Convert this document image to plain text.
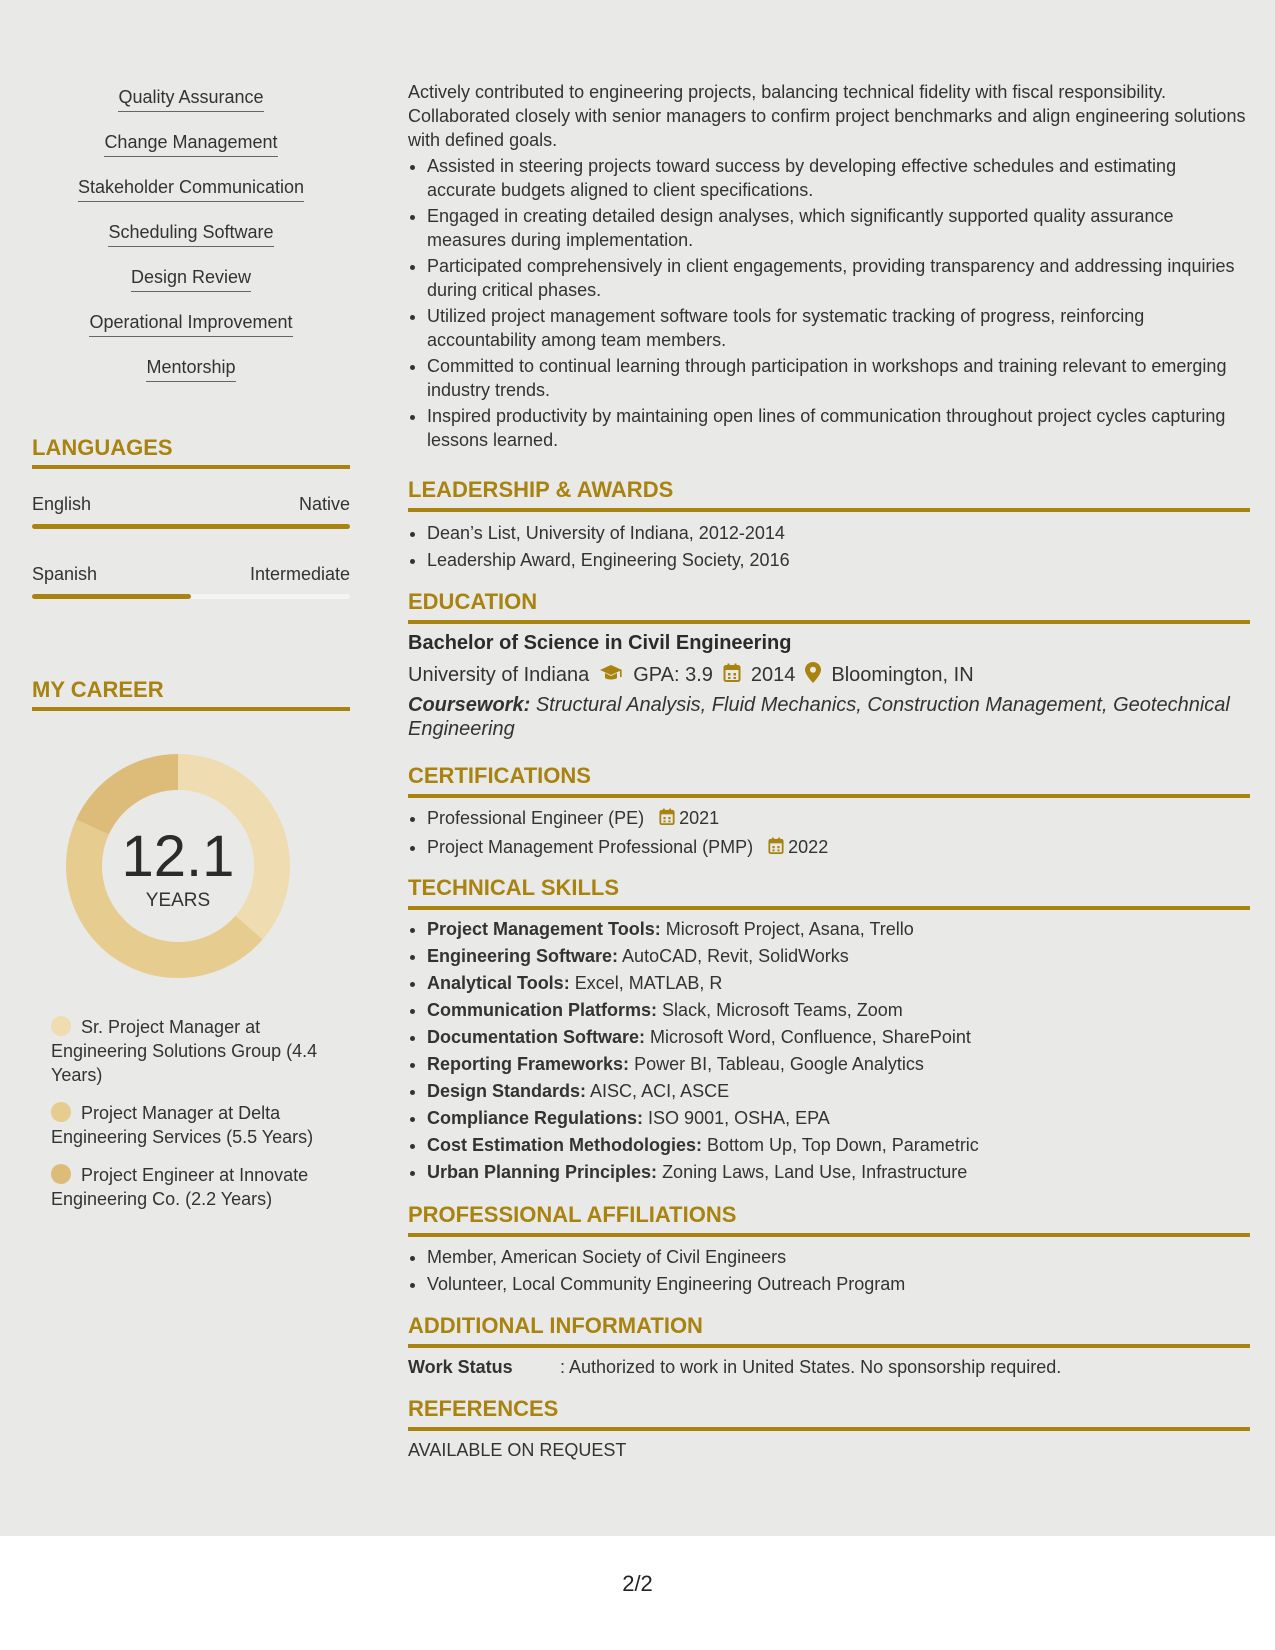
Quality Assurance
Change Management
Stakeholder Communication
Scheduling Software
Design Review
Operational Improvement
Mentorship
LANGUAGES
English	Native
Spanish	Intermediate
MY CAREER
12.1
YEARS
Sr. Project Manager at Engineering Solutions Group (4.4 Years)
Project Manager at Delta Engineering Services (5.5 Years)
Project Engineer at Innovate Engineering Co. (2.2 Years)

Actively contributed to engineering projects, balancing technical fidelity with fiscal responsibility. Collaborated closely with senior managers to confirm project benchmarks and align engineering solutions with defined goals.

• Assisted in steering projects toward success by developing effective schedules and estimating accurate budgets aligned to client specifications.
• Engaged in creating detailed design analyses, which significantly supported quality assurance measures during implementation.
• Participated comprehensively in client engagements, providing transparency and addressing inquiries during critical phases.
• Utilized project management software tools for systematic tracking of progress, reinforcing accountability among team members.
• Committed to continual learning through participation in workshops and training relevant to emerging industry trends.
• Inspired productivity by maintaining open lines of communication throughout project cycles capturing lessons learned.
LEADERSHIP & AWARDS
• Dean’s List, University of Indiana, 2012-2014
• Leadership Award, Engineering Society, 2016
EDUCATION
Bachelor of Science in Civil Engineering
University of Indiana GPA: 3.9 2014 Bloomington, IN
Coursework: Structural Analysis, Fluid Mechanics, Construction Management, Geotechnical Engineering
CERTIFICATIONS
• Professional Engineer (PE) 2021
• Project Management Professional (PMP) 2022
TECHNICAL SKILLS
• Project Management Tools: Microsoft Project, Asana, Trello
• Engineering Software: AutoCAD, Revit, SolidWorks
• Analytical Tools: Excel, MATLAB, R
• Communication Platforms: Slack, Microsoft Teams, Zoom
• Documentation Software: Microsoft Word, Confluence, SharePoint
• Reporting Frameworks: Power BI, Tableau, Google Analytics
• Design Standards: AISC, ACI, ASCE
• Compliance Regulations: ISO 9001, OSHA, EPA
• Cost Estimation Methodologies: Bottom Up, Top Down, Parametric
• Urban Planning Principles: Zoning Laws, Land Use, Infrastructure
PROFESSIONAL AFFILIATIONS
• Member, American Society of Civil Engineers
• Volunteer, Local Community Engineering Outreach Program
ADDITIONAL INFORMATION
Work Status	: Authorized to work in United States. No sponsorship required.
REFERENCES
AVAILABLE ON REQUEST
2/2
